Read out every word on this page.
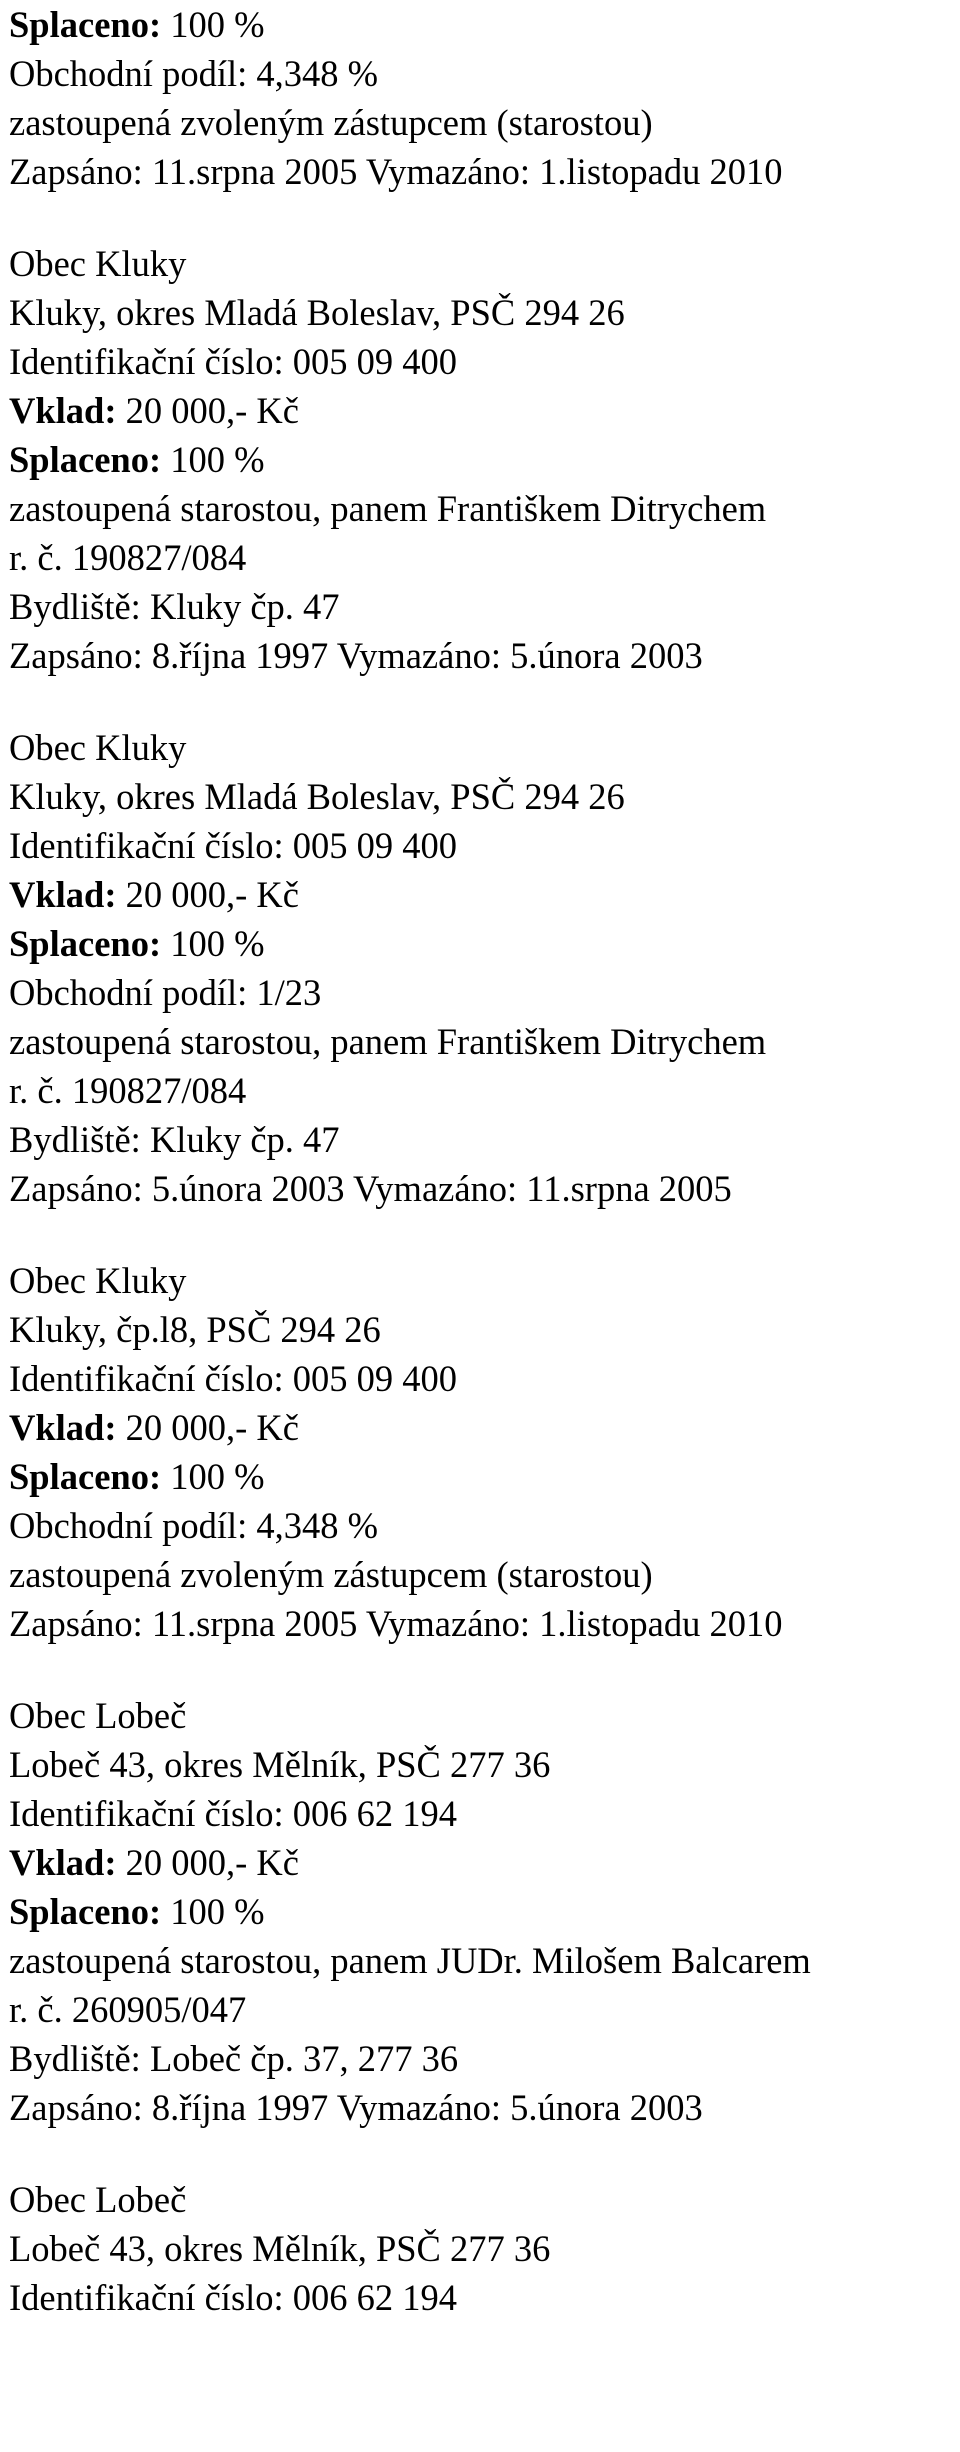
Splaceno: 100 %
Obchodní podíl: 4,348 %
zastoupená zvoleným zástupcem (starostou)
Zapsáno: 11.srpna 2005 Vymazáno: 1.listopadu 2010
Obec Kluky
Kluky, okres Mladá Boleslav, PSČ 294 26
Identifikační číslo: 005 09 400
Vklad: 20 000,- Kč
Splaceno: 100 %
zastoupená starostou, panem Františkem Ditrychem
r. č. 190827/084
Bydliště: Kluky čp. 47
Zapsáno: 8.října 1997 Vymazáno: 5.února 2003
Obec Kluky
Kluky, okres Mladá Boleslav, PSČ 294 26
Identifikační číslo: 005 09 400
Vklad: 20 000,- Kč
Splaceno: 100 %
Obchodní podíl: 1/23
zastoupená starostou, panem Františkem Ditrychem
r. č. 190827/084
Bydliště: Kluky čp. 47
Zapsáno: 5.února 2003 Vymazáno: 11.srpna 2005
Obec Kluky
Kluky, čp.l8, PSČ 294 26
Identifikační číslo: 005 09 400
Vklad: 20 000,- Kč
Splaceno: 100 %
Obchodní podíl: 4,348 %
zastoupená zvoleným zástupcem (starostou)
Zapsáno: 11.srpna 2005 Vymazáno: 1.listopadu 2010
Obec Lobeč
Lobeč 43, okres Mělník, PSČ 277 36
Identifikační číslo: 006 62 194
Vklad: 20 000,- Kč
Splaceno: 100 %
zastoupená starostou, panem JUDr. Milošem Balcarem
r. č. 260905/047
Bydliště: Lobeč čp. 37, 277 36
Zapsáno: 8.října 1997 Vymazáno: 5.února 2003
Obec Lobeč
Lobeč 43, okres Mělník, PSČ 277 36
Identifikační číslo: 006 62 194
